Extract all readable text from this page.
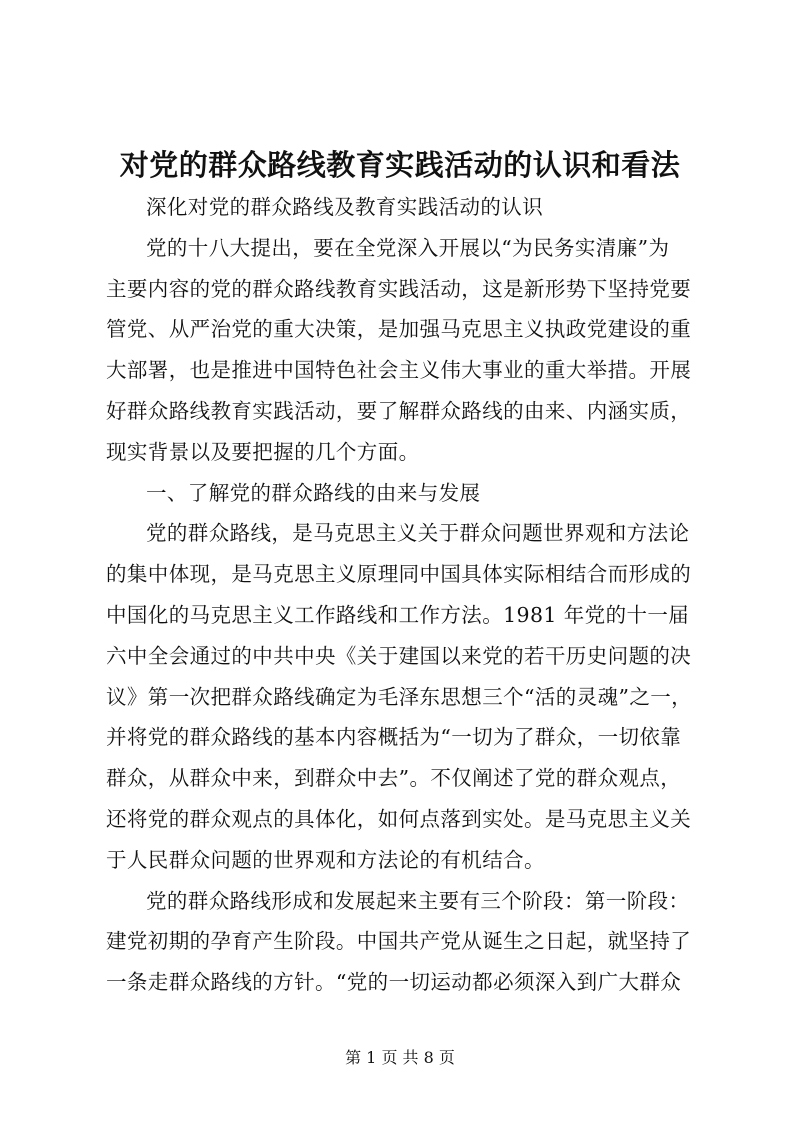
对党的群众路线教育实践活动的认识和看法
深化对党的群众路线及教育实践活动的认识
党的十八大提出，要在全党深入开展以“为民务实清廉”为
主要内容的党的群众路线教育实践活动，这是新形势下坚持党要
管党、从严治党的重大决策，是加强马克思主义执政党建设的重
大部署，也是推进中国特色社会主义伟大事业的重大举措。开展
好群众路线教育实践活动，要了解群众路线的由来、内涵实质，
现实背景以及要把握的几个方面。
一、了解党的群众路线的由来与发展
党的群众路线，是马克思主义关于群众问题世界观和方法论
的集中体现，是马克思主义原理同中国具体实际相结合而形成的
中国化的马克思主义工作路线和工作方法。1981 年党的十一届
六中全会通过的中共中央《关于建国以来党的若干历史问题的决
议》第一次把群众路线确定为毛泽东思想三个“活的灵魂”之一，
并将党的群众路线的基本内容概括为“一切为了群众，一切依靠
群众，从群众中来，到群众中去”。不仅阐述了党的群众观点，
还将党的群众观点的具体化，如何点落到实处。是马克思主义关
于人民群众问题的世界观和方法论的有机结合。
党的群众路线形成和发展起来主要有三个阶段：第一阶段：
建党初期的孕育产生阶段。中国共产党从诞生之日起，就坚持了
一条走群众路线的方针。“党的一切运动都必须深入到广大群众
第 1 页 共 8 页
